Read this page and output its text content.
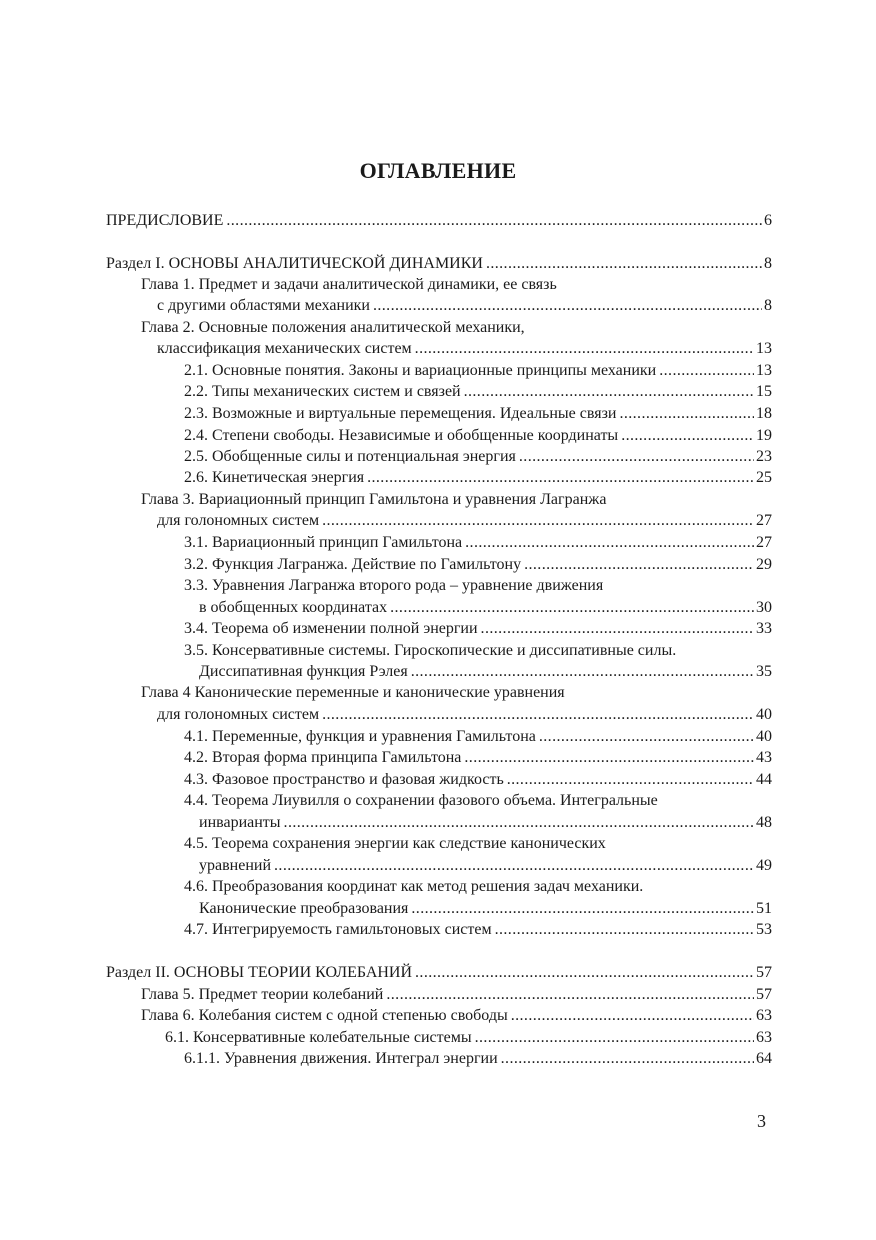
ОГЛАВЛЕНИЕ
ПРЕДИСЛОВИЕ .....	6
Раздел I. ОСНОВЫ АНАЛИТИЧЕСКОЙ ДИНАМИКИ .....	8
Глава 1. Предмет и задачи аналитической динамики, ее связь
с другими областями механики .....	8
Глава 2. Основные положения аналитической механики,
классификация механических систем .....	13
2.1. Основные понятия. Законы и вариационные принципы механики .....	13
2.2. Типы механических систем и связей .....	15
2.3. Возможные и виртуальные перемещения. Идеальные связи .....	18
2.4. Степени свободы. Независимые и обобщенные координаты .....	19
2.5. Обобщенные силы и потенциальная энергия .....	23
2.6. Кинетическая энергия .....	25
Глава 3. Вариационный принцип Гамильтона и уравнения Лагранжа
для голономных систем .....	27
3.1. Вариационный принцип Гамильтона .....	27
3.2. Функция Лагранжа. Действие по Гамильтону .....	29
3.3. Уравнения Лагранжа второго рода – уравнение движения
в обобщенных координатах .....	30
3.4. Теорема об изменении полной энергии .....	33
3.5. Консервативные системы. Гироскопические и диссипативные силы.
Диссипативная функция Рэлея .....	35
Глава 4 Канонические переменные и канонические уравнения
для голономных систем .....	40
4.1. Переменные, функция и уравнения Гамильтона .....	40
4.2. Вторая форма принципа Гамильтона .....	43
4.3. Фазовое пространство и фазовая жидкость .....	44
4.4. Теорема Лиувилля о сохранении фазового объема. Интегральные
инварианты .....	48
4.5. Теорема сохранения энергии как следствие канонических
уравнений .....	49
4.6. Преобразования координат как метод решения задач механики.
Канонические преобразования .....	51
4.7. Интегрируемость гамильтоновых систем .....	53
Раздел II. ОСНОВЫ ТЕОРИИ КОЛЕБАНИЙ .....	57
Глава 5. Предмет теории колебаний .....	57
Глава 6. Колебания систем с одной степенью свободы .....	63
6.1. Консервативные колебательные системы .....	63
6.1.1. Уравнения движения. Интеграл энергии .....	64
3
